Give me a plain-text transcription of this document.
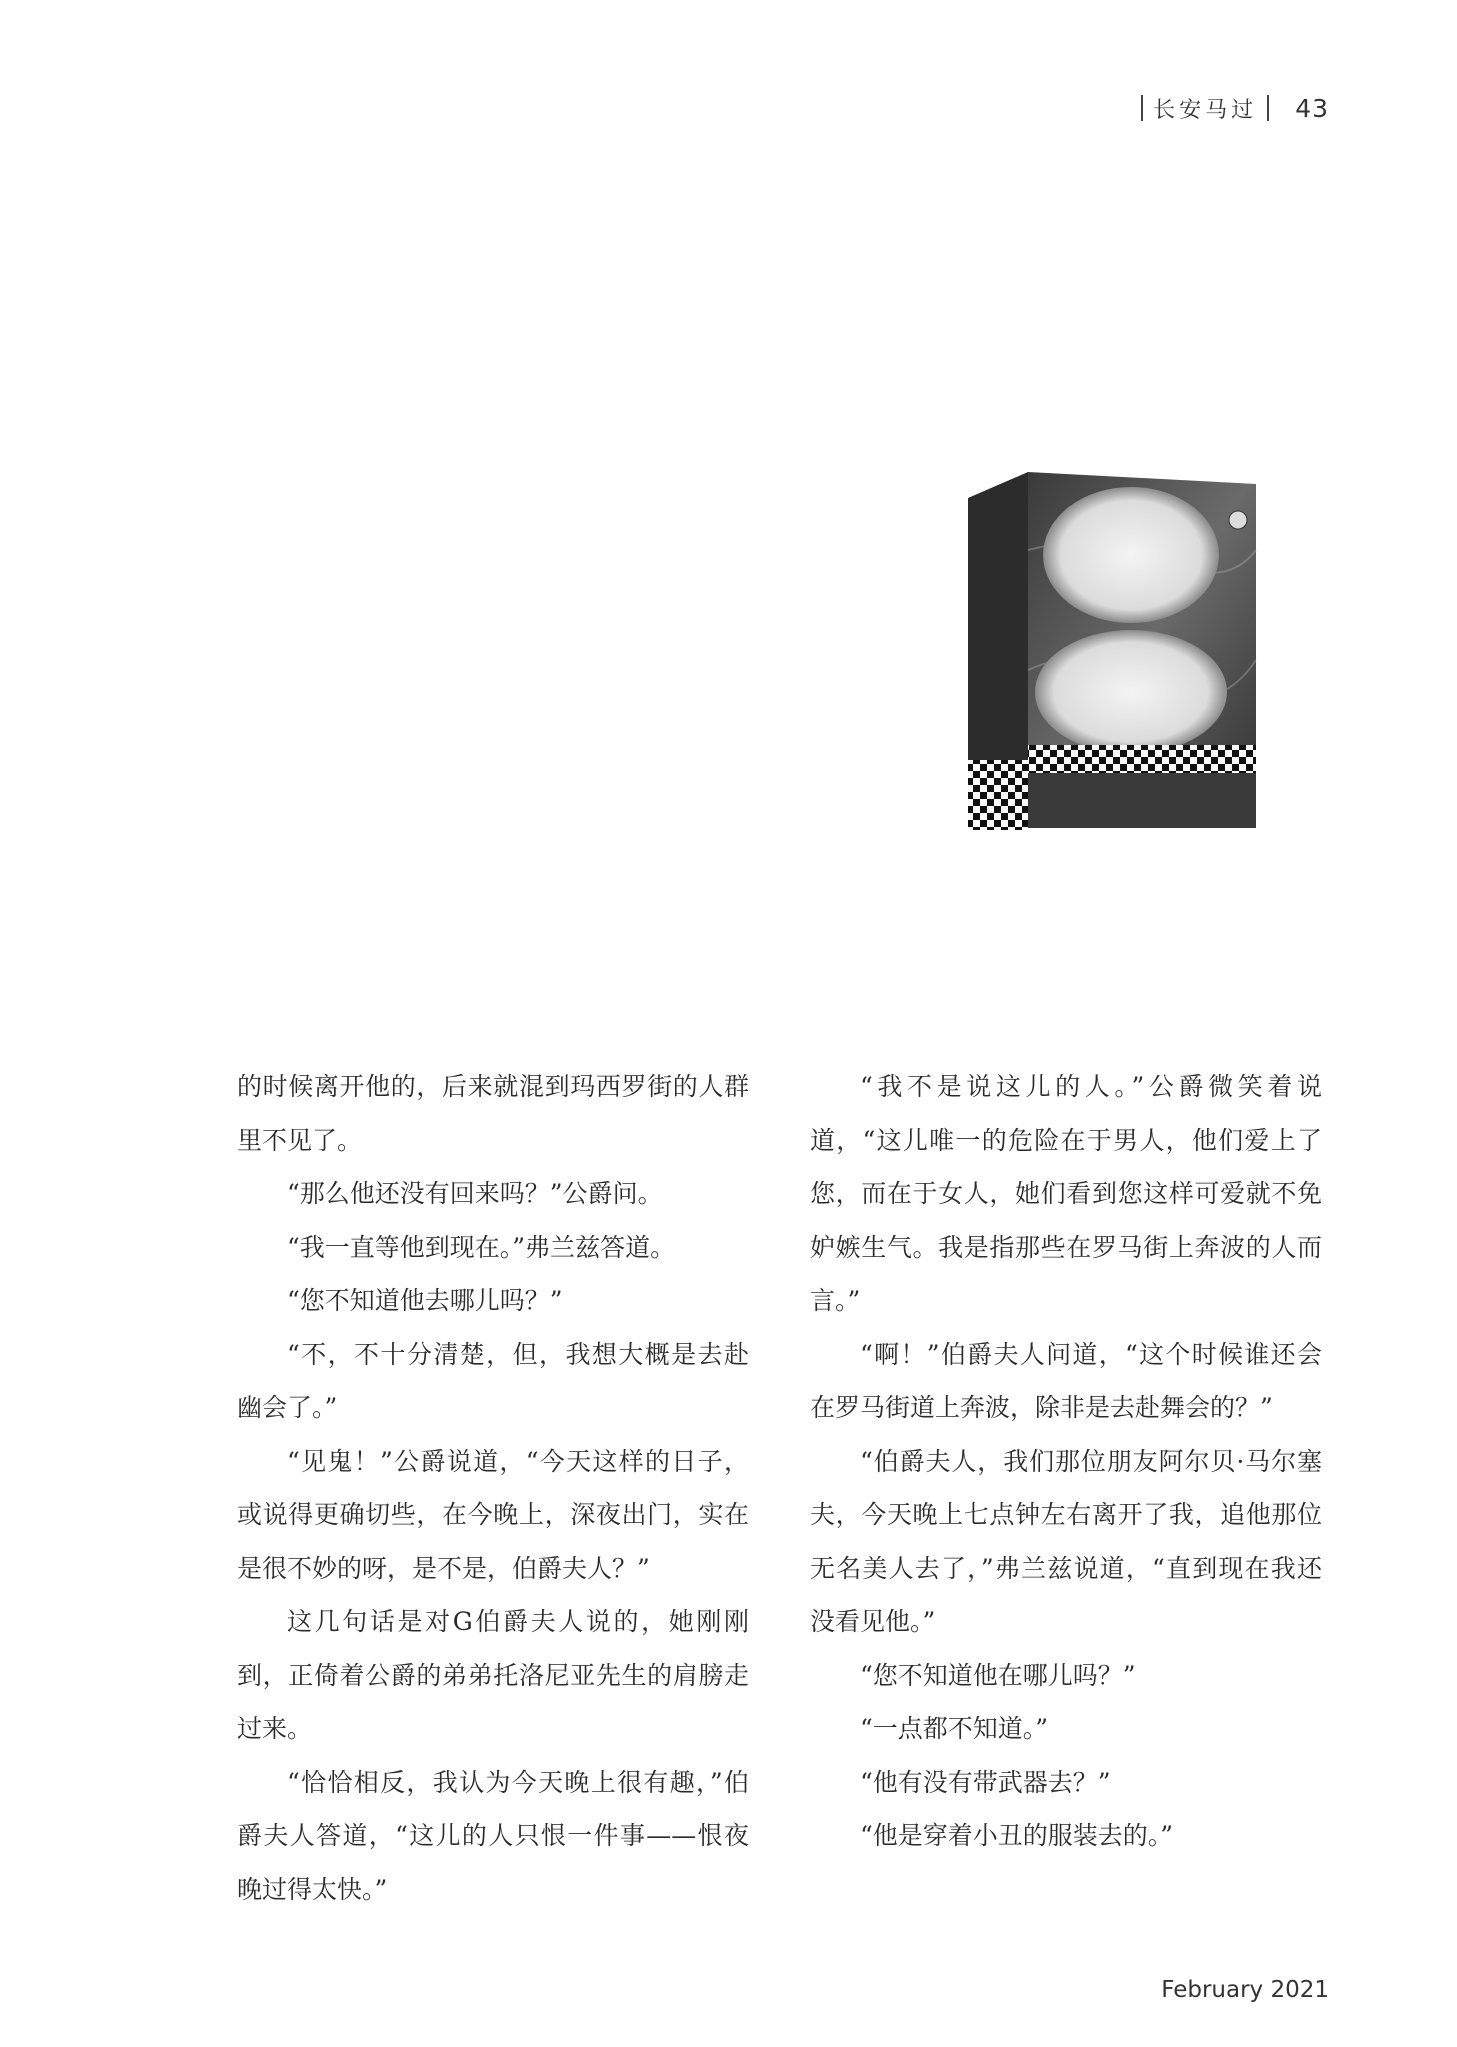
长安马过 43

的时候离开他的，后来就混到玛西罗街的人群里不见了。

“那么他还没有回来吗？”公爵问。

“我一直等他到现在。”弗兰兹答道。

“您不知道他去哪儿吗？”

“不，不十分清楚，但，我想大概是去赴幽会了。”

“见鬼！”公爵说道，“今天这样的日子，或说得更确切些，在今晚上，深夜出门，实在是很不妙的呀，是不是，伯爵夫人？”

这几句话是对G伯爵夫人说的，她刚刚到，正倚着公爵的弟弟托洛尼亚先生的肩膀走过来。

“恰恰相反，我认为今天晚上很有趣，”伯爵夫人答道，“这儿的人只恨一件事——恨夜晚过得太快。”

“我不是说这儿的人。”公爵微笑着说道，“这儿唯一的危险在于男人，他们爱上了您，而在于女人，她们看到您这样可爱就不免妒嫉生气。我是指那些在罗马街上奔波的人而言。”

“啊！”伯爵夫人问道，“这个时候谁还会在罗马街道上奔波，除非是去赴舞会的？”

“伯爵夫人，我们那位朋友阿尔贝·马尔塞夫，今天晚上七点钟左右离开了我，追他那位无名美人去了，”弗兰兹说道，“直到现在我还没看见他。”

“您不知道他在哪儿吗？”

“一点都不知道。”

“他有没有带武器去？”

“他是穿着小丑的服装去的。”

February 2021
